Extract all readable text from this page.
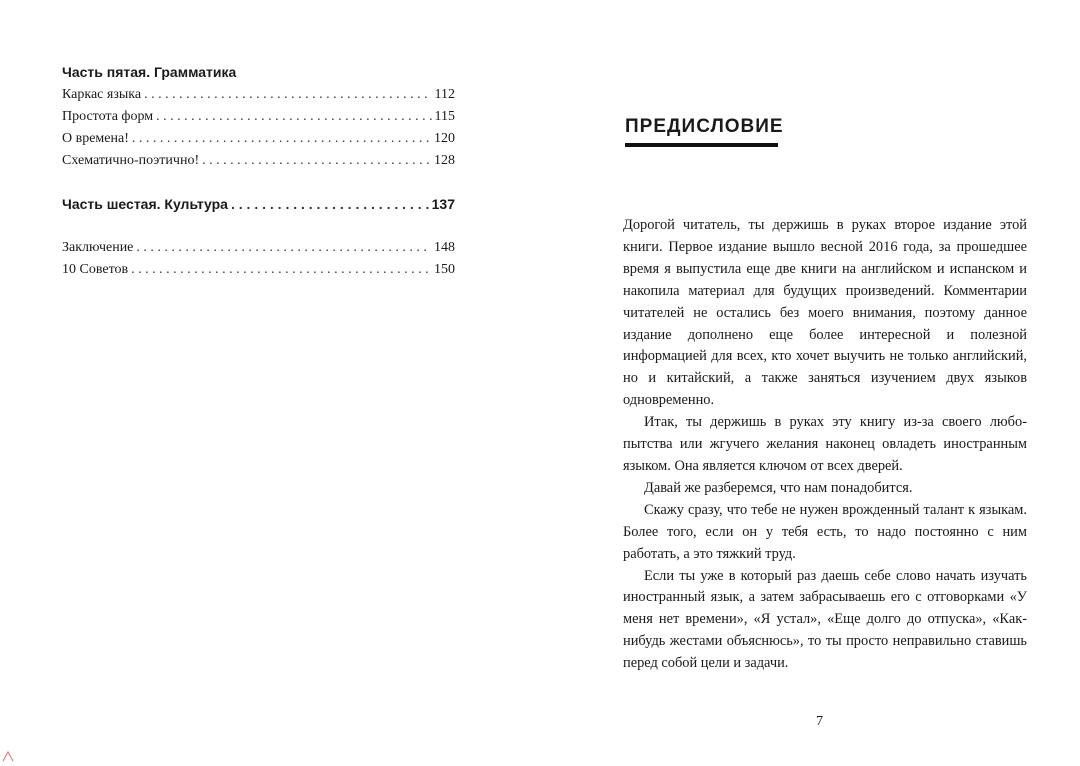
Часть пятая. Грамматика
Каркас языка . . .	112
Простота форм . . .	115
О времена! . . .	120
Схематично-поэтично! . . .	128
Часть шестая. Культура . . .	137
Заключение . . .	148
10 Советов . . .	150
ПРЕДИСЛОВИЕ

Дорогой читатель, ты держишь в руках второе издание этой книги. Первое издание вышло весной 2016 года, за прошедшее время я выпустила еще две книги на английском и испанском и накопила материал для будущих произведений. Комментарии читателей не остались без моего внимания, поэтому данное издание дополнено еще более интересной и полезной информацией для всех, кто хочет выучить не только английский, но и китайский, а также заняться изучением двух языков одновременно.

Итак, ты держишь в руках эту книгу из-за своего любопытства или жгучего желания наконец овладеть иностранным языком. Она является ключом от всех дверей.

Давай же разберемся, что нам понадобится.

Скажу сразу, что тебе не нужен врожденный талант к языкам. Более того, если он у тебя есть, то надо постоянно с ним работать, а это тяжкий труд.

Если ты уже в который раз даешь себе слово начать изучать иностранный язык, а затем забрасываешь его с отговорками «У меня нет времени», «Я устал», «Еще долго до отпуска», «Как-нибудь жестами объяснюсь», то ты просто неправильно ставишь перед собой цели и задачи.

7
